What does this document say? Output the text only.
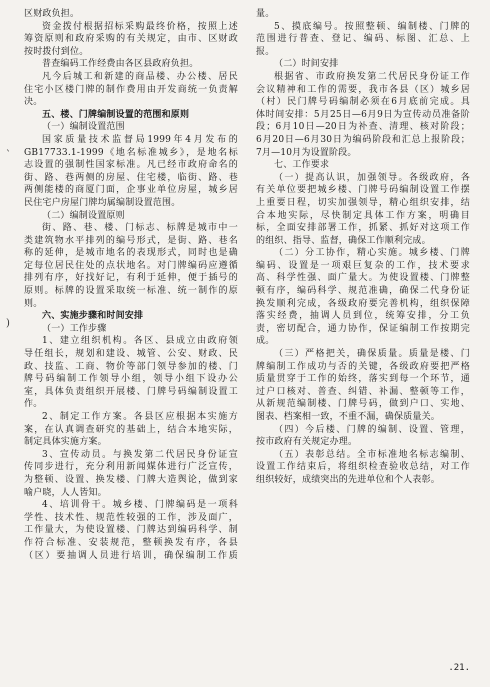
区财政负担。
资金拨付根据招标采购最终价格，按照上述
筹资原则和政府采购的有关规定，由市、区财政
按时拨付到位。
普查编码工作经费由各区县政府负担。
凡今后城工和新建的商品楼、办公楼、居民
住宅小区楼门牌的制作费用由开发商统一负责解
决。
五、楼、门牌编制设置的范围和原则
（一）编制设置范围
国家质量技术监督局1999年4月发布的
GB17733.1-1999《地名标准城乡》，是地名标
志设置的强制性国家标准。凡已经市政府命名的
街、路、巷两侧的房屋、住宅楼，临街、路、巷
两侧能楼的商厦门面，企事业单位房屋，城乡居
民住宅户房屋门牌均属编制设置范围。
（二）编制设置原则
街、路、巷、楼、门标志、标牌是城市中一
类建筑物水平排列的编号形式，是街、路、巷名
称的延伸，是城市地名的表现形式，同时也是确
定每位居民住处的点状地名。对门牌编码应遵循
排列有序，好找好记，有利于延伸，便于插号的
原则。标牌的设置采取统一标准、统一制作的原
则。
六、实施步骤和时间安排
（一）工作步骤
1、建立组织机构。各区、县成立由政府领
导任组长，规划和建设、城管、公安、财政、民
政、技监、工商、物价等部门领导参加的楼、门
牌号码编制工作领导小组，领导小组下设办公
室，具体负责组织开展楼、门牌号码编制设置工
作。
2、制定工作方案。各县区应根据本实施方
案，在认真调查研究的基础上，结合本地实际，
制定具体实施方案。
3、宣传动员。与换发第二代居民身份证宣
传同步进行，充分利用新闻媒体进行广泛宣传，
为整顿、设置、换发楼、门牌大造舆论，做到家
喻户晓，人人皆知。
4、培训骨干。城乡楼、门牌编码是一项科
学性、技术性、规范性较强的工作，涉及面广，
工作量大，为使设置楼、门牌达到编码科学、制
作符合标准、安装规范，整顿换发有序，各县
（区）要抽调人员进行培训，确保编制工作质
量。
5、摸底编号。按照整顿、编制楼、门牌的
范围进行普查、登记、编码、标图、汇总、上
报。
（二）时间安排
根据省、市政府换发第二代居民身份证工作
会议精神和工作的需要，我市各县（区）城乡居
（村）民门牌号码编制必须在6月底前完成。具
体时间安排：5月25日—6月9日为宣传动员准备阶
段；6月10日—20日为补查、清理、核对阶段；
6月20日—6月30日为编码阶段和汇总上报阶段；
7月—10月为设置阶段。
七、工作要求
（一）提高认识，加强领导。各级政府，各
有关单位要把城乡楼、门牌号码编制设置工作摆
上重要日程，切实加强领导，精心组织安排，结
合本地实际，尽快制定具体工作方案，明确目
标，全面安排部署工作，抓紧、抓好对这项工作
的组织、指导、监督，确保工作顺利完成。
（二）分工协作，精心实施。城乡楼、门牌
编码、设置是一项艰巨复杂的工作，技术要求
高、科学性强、面广量大。为使设置楼、门牌整
顿有序，编码科学、规范准确，确保二代身份证
换发顺利完成，各级政府要完善机构，组织保障
落实经费，抽调人员到位，统筹安排，分工负
责，密切配合，通力协作，保证编制工作按期完
成。
（三）严格把关，确保质量。质量是楼、门
牌编制工作成功与否的关键，各级政府要把严格
质量贯穿于工作的始终，落实到每一个环节，通
过户口核对、普查、纠错、补漏、整顿等工作，
从新规范编制楼、门牌号码，做到户口、实地、
图表、档案相一致，不重不漏，确保质量关。
（四）今后楼、门牌的编制、设置、管理，
按市政府有关规定办理。
（五）表彰总结。全市标准地名标志编制、
设置工作结束后，将组织检查验收总结，对工作
组织较好，成绩突出的先进单位和个人表彰。
`
)
.21.
